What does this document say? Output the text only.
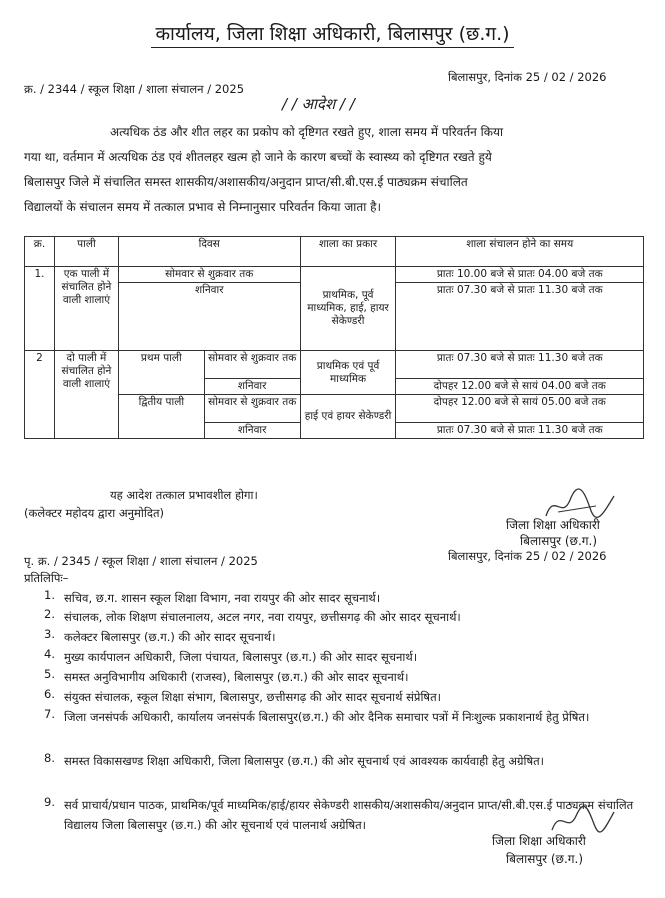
कार्यालय, जिला शिक्षा अधिकारी, बिलासपुर (छ.ग.)
क्र. / 2344 / स्कूल शिक्षा / शाला संचालन / 2025
बिलासपुर, दिनांक 25 / 02 / 2026
/ / आदेश / /
अत्यधिक ठंड और शीत लहर का प्रकोप को दृष्टिगत रखते हुए, शाला समय में परिवर्तन किया
गया था, वर्तमान में अत्यधिक ठंड एवं शीतलहर खत्म हो जाने के कारण बच्चों के स्वास्थ्य को दृष्टिगत रखते हुये
बिलासपुर जिले में संचालित समस्त शासकीय/अशासकीय/अनुदान प्राप्त/सी.बी.एस.ई पाठ्यक्रम संचालित
विद्यालयों के संचालन समय में तत्काल प्रभाव से निम्नानुसार परिवर्तन किया जाता है।
क्र.	पाली	दिवस		शाला का प्रकार	शाला संचालन होने का समय
1.	एक पाली में संचालित होने वाली शालाएं	सोमवार से शुक्रवार तक		प्राथमिक, पूर्व माध्यमिक, हाई, हायर सेकेण्डरी	प्रातः 10.00 बजे से प्रातः 04.00 बजे तक
		शनिवार			प्रातः 07.30 बजे से प्रातः 11.30 बजे तक
2	दो पाली में संचालित होने वाली शालाएं	प्रथम पाली	सोमवार से शुक्रवार तक	प्राथमिक एवं पूर्व माध्यमिक	प्रातः 07.30 बजे से प्रातः 11.30 बजे तक
			शनिवार		दोपहर 12.00 बजे से सायं 04.00 बजे तक
		द्वितीय पाली	सोमवार से शुक्रवार तक	हाई एवं हायर सेकेण्डरी	दोपहर 12.00 बजे से सायं 05.00 बजे तक
			शनिवार		प्रातः 07.30 बजे से प्रातः 11.30 बजे तक
यह आदेश तत्काल प्रभावशील होगा।
(कलेक्टर महोदय द्वारा अनुमोदित)
जिला शिक्षा अधिकारी
बिलासपुर (छ.ग.)
पृ. क्र. / 2345 / स्कूल शिक्षा / शाला संचालन / 2025	बिलासपुर, दिनांक 25 / 02 / 2026
प्रतिलिपिः–
1. सचिव, छ.ग. शासन स्कूल शिक्षा विभाग, नवा रायपुर की ओर सादर सूचनार्थ।
2. संचालक, लोक शिक्षण संचालनालय, अटल नगर, नवा रायपुर, छत्तीसगढ़ की ओर सादर सूचनार्थ।
3. कलेक्टर बिलासपुर (छ.ग.) की ओर सादर सूचनार्थ।
4. मुख्य कार्यपालन अधिकारी, जिला पंचायत, बिलासपुर (छ.ग.) की ओर सादर सूचनार्थ।
5. समस्त अनुविभागीय अधिकारी (राजस्व), बिलासपुर (छ.ग.) की ओर सादर सूचनार्थ।
6. संयुक्त संचालक, स्कूल शिक्षा संभाग, बिलासपुर, छत्तीसगढ़ की ओर सादर सूचनार्थ संप्रेषित।
7. जिला जनसंपर्क अधिकारी, कार्यालय जनसंपर्क बिलासपुर(छ.ग.) की ओर दैनिक समाचार पत्रों में निःशुल्क प्रकाशनार्थ हेतु प्रेषित।
8. समस्त विकासखण्ड शिक्षा अधिकारी, जिला बिलासपुर (छ.ग.) की ओर सूचनार्थ एवं आवश्यक कार्यवाही हेतु अग्रेषित।
9. सर्व प्राचार्य/प्रधान पाठक, प्राथमिक/पूर्व माध्यमिक/हाई/हायर सेकेण्डरी शासकीय/अशासकीय/अनुदान प्राप्त/सी.बी.एस.ई पाठ्यक्रम संचालित विद्यालय जिला बिलासपुर (छ.ग.) की ओर सूचनार्थ एवं पालनार्थ अग्रेषित।
जिला शिक्षा अधिकारी
बिलासपुर (छ.ग.)
